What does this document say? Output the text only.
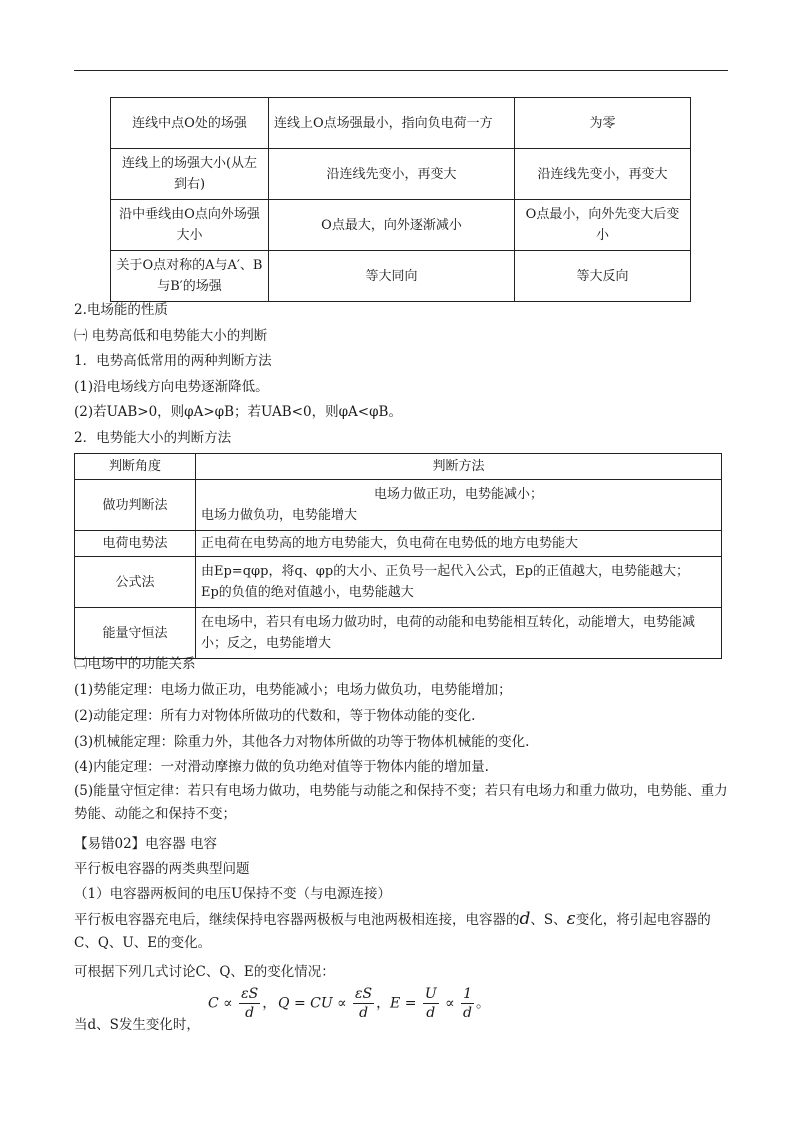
连线中点O处的场强	连线上O点场强最小，指向负电荷一方	为零
连线上的场强大小(从左到右)	沿连线先变小，再变大	沿连线先变小，再变大
沿中垂线由O点向外场强大小	O点最大，向外逐渐减小	O点最小，向外先变大后变小
关于O点对称的A与A′、B与B′的场强	等大同向	等大反向
2.电场能的性质
㈠ 电势高低和电势能大小的判断
1．电势高低常用的两种判断方法
(1)沿电场线方向电势逐渐降低。
(2)若UAB>0，则φA>φB；若UAB<0，则φA<φB。
2．电势能大小的判断方法
判断角度	判断方法
做功判断法	电场力做正功，电势能减小；
电场力做负功，电势能增大

电荷电势法	正电荷在电势高的地方电势能大，负电荷在电势低的地方电势能大
公式法	由Ep=qφp，将q、φp的大小、正负号一起代入公式，Ep的正值越大，电势能越大；
Ep的负值的绝对值越小，电势能越大

能量守恒法	在电场中，若只有电场力做功时，电荷的动能和电势能相互转化，动能增大，电势能减小；反之，电势能增大
㈡电场中的功能关系
(1)势能定理：电场力做正功，电势能减小；电场力做负功，电势能增加；
(2)动能定理：所有力对物体所做功的代数和，等于物体动能的变化.
(3)机械能定理：除重力外，其他各力对物体所做的功等于物体机械能的变化.
(4)内能定理：一对滑动摩擦力做的负功绝对值等于物体内能的增加量.
(5)能量守恒定律：若只有电场力做功，电势能与动能之和保持不变；若只有电场力和重力做功，电势能、重力势能、动能之和保持不变；
【易错02】电容器 电容
平行板电容器的两类典型问题
（1）电容器两板间的电压U保持不变（与电源连接）
平行板电容器充电后，继续保持电容器两极板与电池两极相连接，电容器的d、S、ε变化，将引起电容器的C、Q、U、E的变化。
可根据下列几式讨论C、Q、E的变化情况：
当d、S发生变化时，
$C \propto \frac{\varepsilon S}{d}$ ， Q = CU ∝ $\frac{\varepsilon S}{d}$ ， $E = \frac{U}{d} \propto \frac{1}{d}$ 。
